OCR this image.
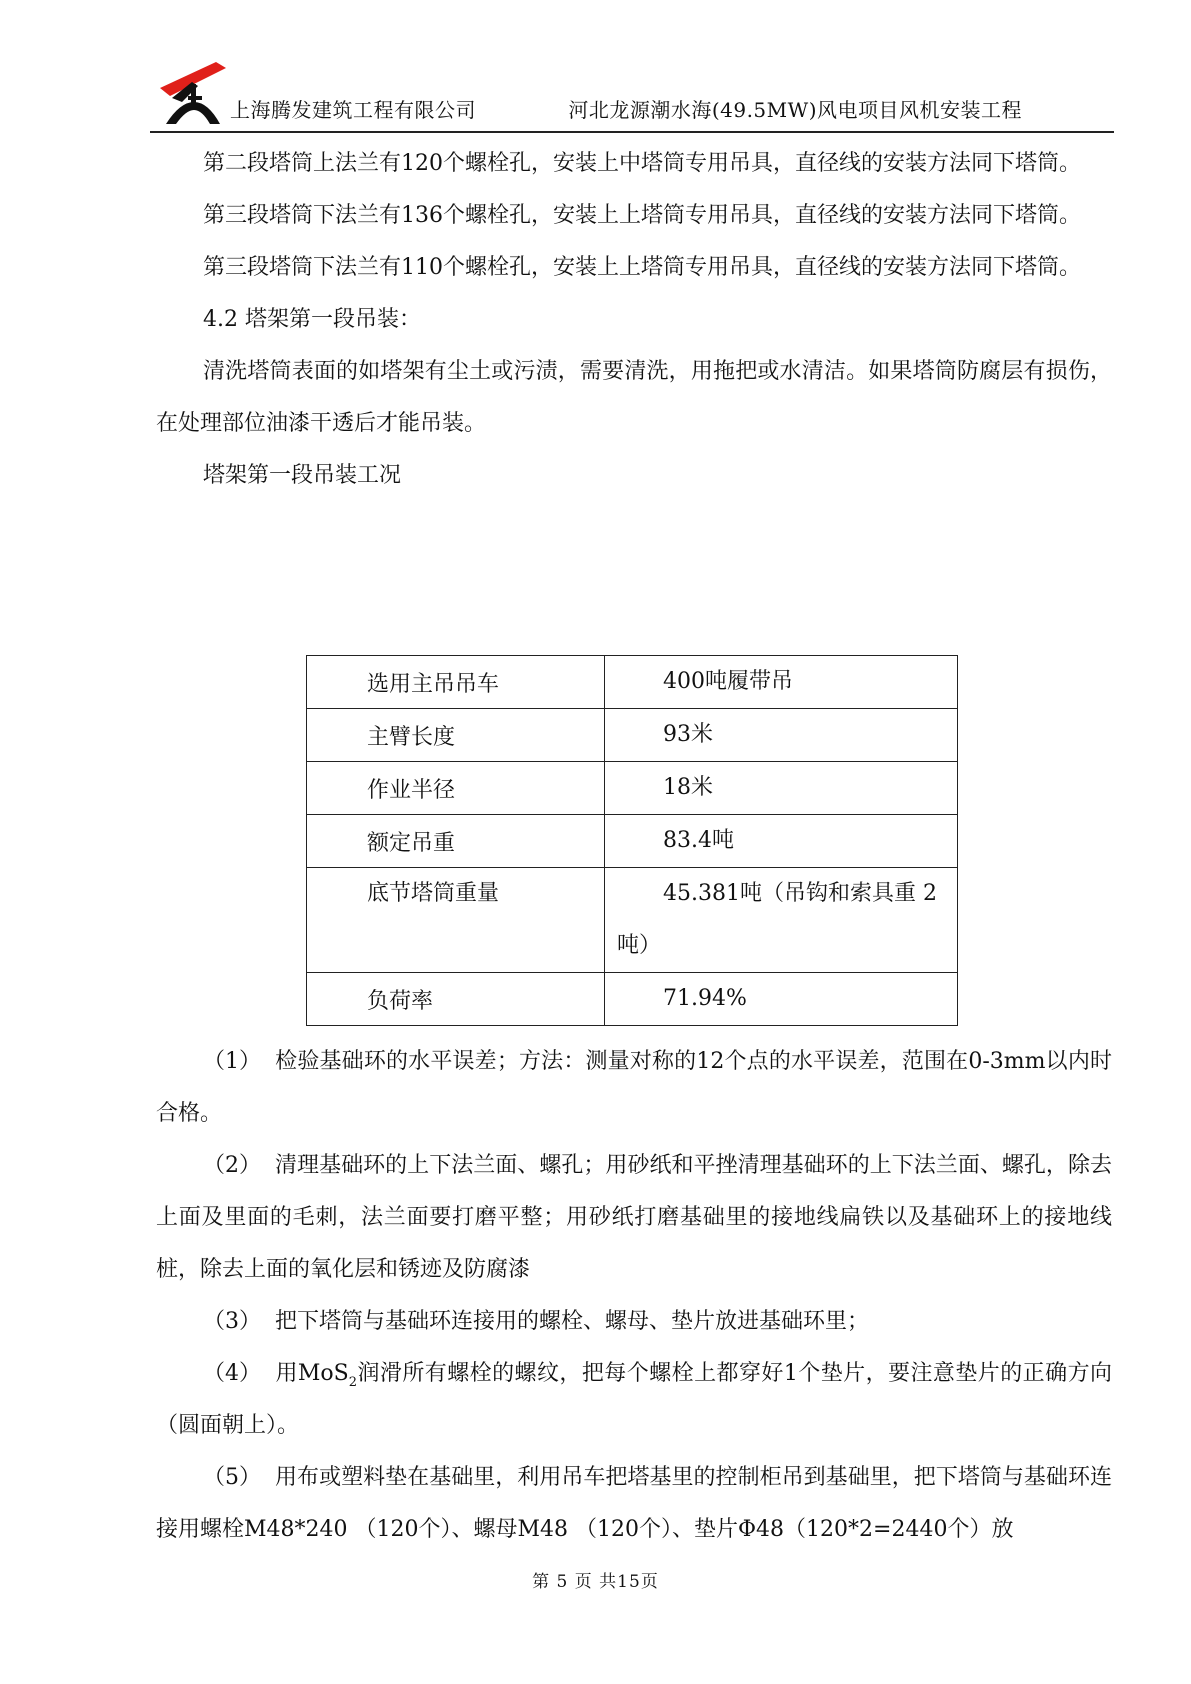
上海腾发建筑工程有限公司	河北龙源潮水海(49.5MW)风电项目风机安装工程

第二段塔筒上法兰有120个螺栓孔，安装上中塔筒专用吊具，直径线的安装方法同下塔筒。

第三段塔筒下法兰有136个螺栓孔，安装上上塔筒专用吊具，直径线的安装方法同下塔筒。

第三段塔筒下法兰有110个螺栓孔，安装上上塔筒专用吊具，直径线的安装方法同下塔筒。

4.2 塔架第一段吊装：

清洗塔筒表面的如塔架有尘土或污渍，需要清洗，用拖把或水清洁。如果塔筒防腐层有损伤，在处理部位油漆干透后才能吊装。

塔架第一段吊装工况

选用主吊吊车	400吨履带吊
主臂长度	93米
作业半径	18米
额定吊重	83.4吨
底节塔筒重量	45.381吨（吊钩和索具重 2
吨）
负荷率	71.94%

（1） 检验基础环的水平误差；方法：测量对称的12个点的水平误差，范围在0-3mm以内时合格。

（2） 清理基础环的上下法兰面、螺孔；用砂纸和平挫清理基础环的上下法兰面、螺孔，除去上面及里面的毛刺，法兰面要打磨平整；用砂纸打磨基础里的接地线扁铁以及基础环上的接地线桩，除去上面的氧化层和锈迹及防腐漆

（3） 把下塔筒与基础环连接用的螺栓、螺母、垫片放进基础环里；

（4） 用MoS$_2$润滑所有螺栓的螺纹，把每个螺栓上都穿好1个垫片，要注意垫片的正确方向（圆面朝上）。

（5） 用布或塑料垫在基础里，利用吊车把塔基里的控制柜吊到基础里，把下塔筒与基础环连接用螺栓M48*240 （120个）、螺母M48 （120个）、垫片Φ48（120*2=2440个）放

第 5 页 共15页
